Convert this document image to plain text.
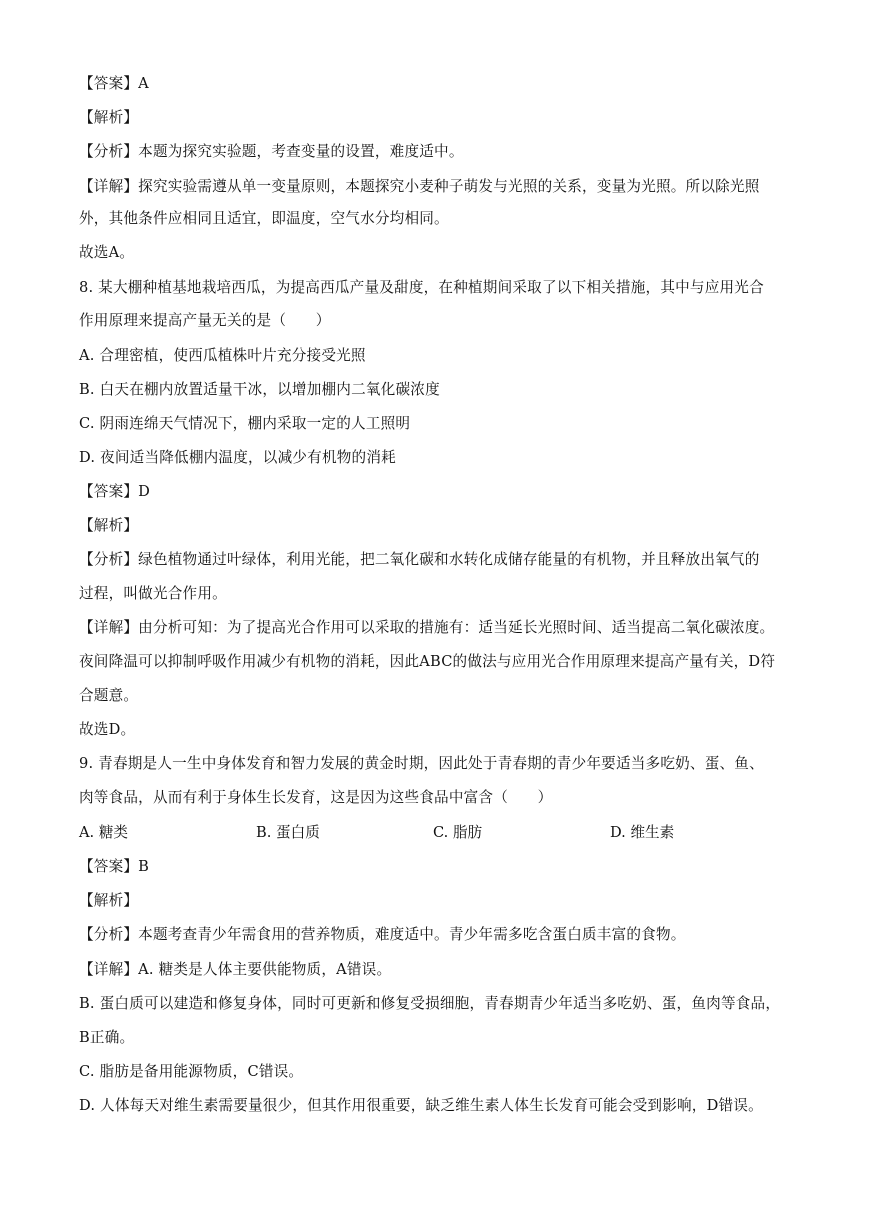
【答案】A
【解析】
【分析】本题为探究实验题，考查变量的设置，难度适中。
【详解】探究实验需遵从单一变量原则，本题探究小麦种子萌发与光照的关系，变量为光照。所以除光照
外，其他条件应相同且适宜，即温度，空气水分均相同。
故选A。
8. 某大棚种植基地栽培西瓜，为提高西瓜产量及甜度，在种植期间采取了以下相关措施，其中与应用光合
作用原理来提高产量无关的是（　　）
A. 合理密植，使西瓜植株叶片充分接受光照
B. 白天在棚内放置适量干冰，以增加棚内二氧化碳浓度
C. 阴雨连绵天气情况下，棚内采取一定的人工照明
D. 夜间适当降低棚内温度，以减少有机物的消耗
【答案】D
【解析】
【分析】绿色植物通过叶绿体，利用光能，把二氧化碳和水转化成储存能量的有机物，并且释放出氧气的
过程，叫做光合作用。
【详解】由分析可知：为了提高光合作用可以采取的措施有：适当延长光照时间、适当提高二氧化碳浓度。
夜间降温可以抑制呼吸作用减少有机物的消耗，因此ABC的做法与应用光合作用原理来提高产量有关，D符
合题意。
故选D。
9. 青春期是人一生中身体发育和智力发展的黄金时期，因此处于青春期的青少年要适当多吃奶、蛋、鱼、
肉等食品，从而有利于身体生长发育，这是因为这些食品中富含（　　）
A. 糖类	B. 蛋白质	C. 脂肪	D. 维生素
【答案】B
【解析】
【分析】本题考查青少年需食用的营养物质，难度适中。青少年需多吃含蛋白质丰富的食物。
【详解】A. 糖类是人体主要供能物质，A错误。
B. 蛋白质可以建造和修复身体，同时可更新和修复受损细胞，青春期青少年适当多吃奶、蛋，鱼肉等食品，
B正确。
C. 脂肪是备用能源物质，C错误。
D. 人体每天对维生素需要量很少，但其作用很重要，缺乏维生素人体生长发育可能会受到影响，D错误。
